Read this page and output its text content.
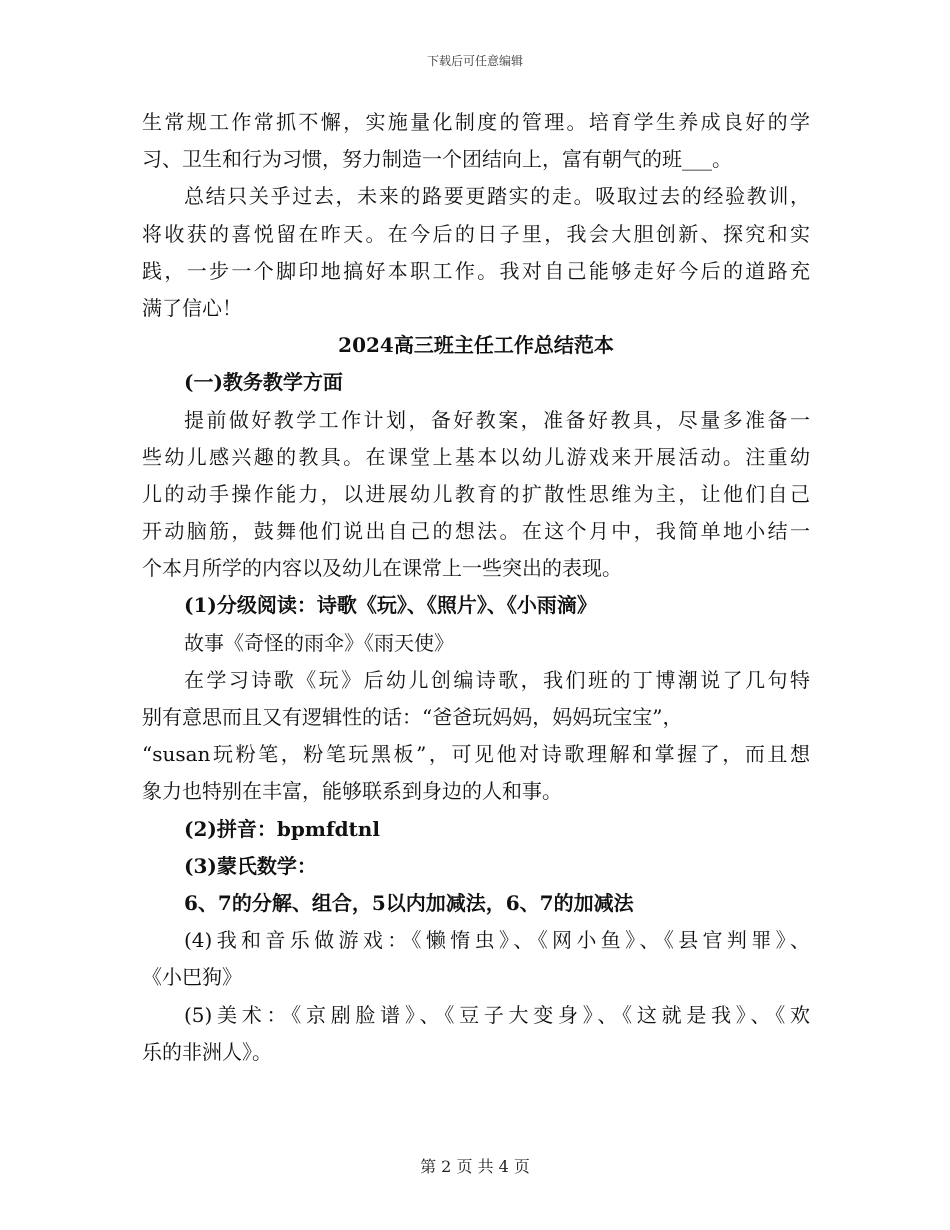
下载后可任意编辑
生常规工作常抓不懈，实施量化制度的管理。培育学生养成良好的学
习、卫生和行为习惯，努力制造一个团结向上，富有朝气的班___。
总结只关乎过去，未来的路要更踏实的走。吸取过去的经验教训，
将收获的喜悦留在昨天。在今后的日子里，我会大胆创新、探究和实
践，一步一个脚印地搞好本职工作。我对自己能够走好今后的道路充
满了信心！
2024高三班主任工作总结范本
(一)教务教学方面
提前做好教学工作计划，备好教案，准备好教具，尽量多准备一
些幼儿感兴趣的教具。在课堂上基本以幼儿游戏来开展活动。注重幼
儿的动手操作能力，以进展幼儿教育的扩散性思维为主，让他们自己
开动脑筋，鼓舞他们说出自己的想法。在这个月中，我简单地小结一
个本月所学的内容以及幼儿在课常上一些突出的表现。
(1)分级阅读：诗歌《玩》、《照片》、《小雨滴》
故事《奇怪的雨伞》《雨天使》
在学习诗歌《玩》后幼儿创编诗歌，我们班的丁博潮说了几句特
别有意思而且又有逻辑性的话：“爸爸玩妈妈，妈妈玩宝宝”，
“susan玩粉笔，粉笔玩黑板”，可见他对诗歌理解和掌握了，而且想
象力也特别在丰富，能够联系到身边的人和事。
(2)拼音：bpmfdtnl
(3)蒙氏数学：
6、7的分解、组合，5以内加减法，6、7的加减法
(4)我和音乐做游戏：《懒惰虫》、《网小鱼》、《县官判罪》、
《小巴狗》
(5)美术：《京剧脸谱》、《豆子大变身》、《这就是我》、《欢
乐的非洲人》。
第 2 页 共 4 页
